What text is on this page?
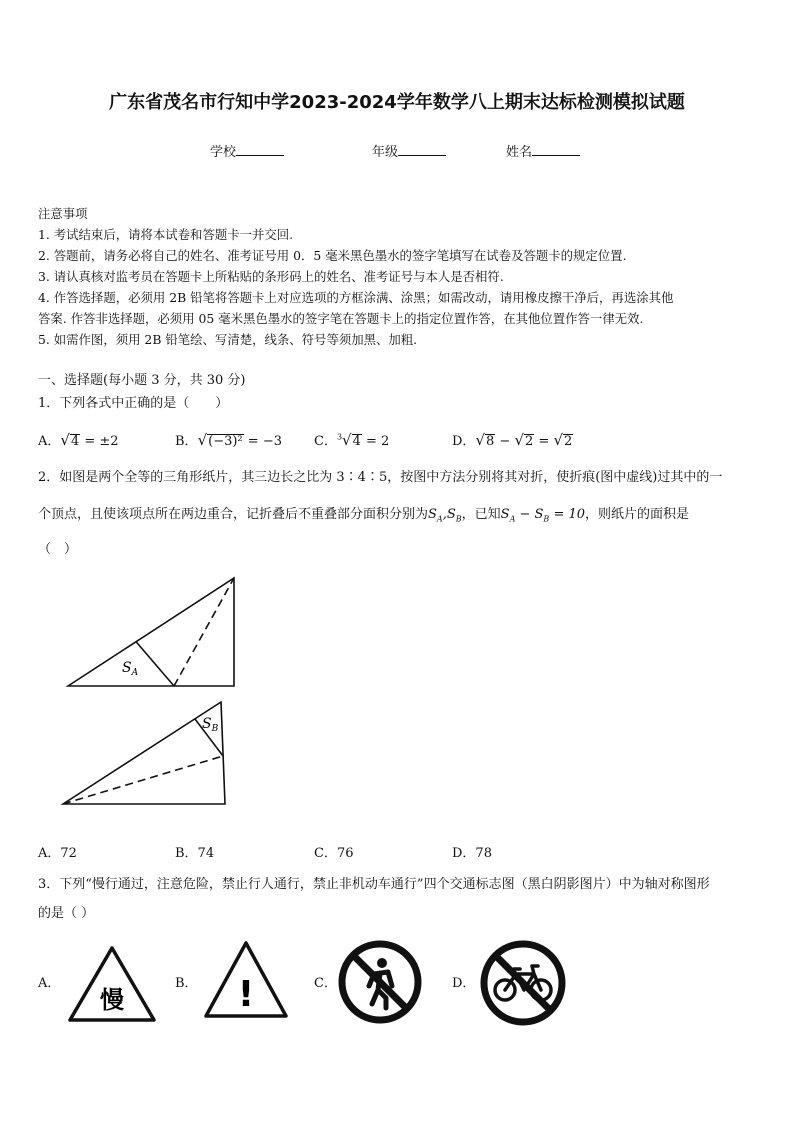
广东省茂名市行知中学2023-2024学年数学八上期末达标检测模拟试题
学校	年级	姓名
注意事项
1. 考试结束后，请将本试卷和答题卡一并交回.
2. 答题前，请务必将自己的姓名、准考证号用 0．5 毫米黑色墨水的签字笔填写在试卷及答题卡的规定位置.
3. 请认真核对监考员在答题卡上所粘贴的条形码上的姓名、准考证号与本人是否相符.
4. 作答选择题，必须用 2B 铅笔将答题卡上对应选项的方框涂满、涂黑；如需改动，请用橡皮擦干净后，再选涂其他
答案. 作答非选择题，必须用 05 毫米黑色墨水的签字笔在答题卡上的指定位置作答，在其他位置作答一律无效.
5. 如需作图，须用 2B 铅笔绘、写清楚，线条、符号等须加黑、加粗.
一、选择题(每小题 3 分，共 30 分)
1．下列各式中正确的是（　　）
A．√4 = ±2	B．√(−3)² = −3 C．$^3$√4 = 2	D．√8 − √2 = √2
2．如图是两个全等的三角形纸片，其三边长之比为 3∶4∶5，按图中方法分别将其对折，使折痕(图中虚线)过其中的一
个顶点，且使该项点所在两边重合，记折叠后不重叠部分面积分别为$S_A,S_B$，已知$S_A - S_B = 10$，则纸片的面积是
（　）
$S_A$
$S_B$
A．72	B．74	C．76	D．78
3．下列“慢行通过，注意危险，禁止行人通行，禁止非机动车通行”四个交通标志图（黑白阴影图片）中为轴对称图形
的是（ ）
A．	B．	C．	D．
慢	!
